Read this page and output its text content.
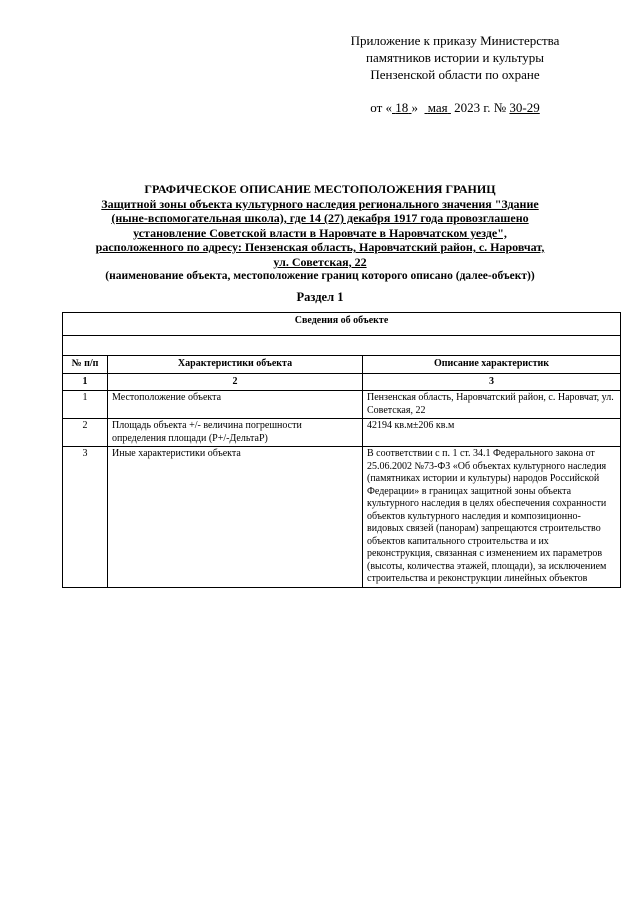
Приложение к приказу Министерства
памятников истории и культуры
Пензенской области по охране
от « 18 » мая 2023 г. № 30-29
ГРАФИЧЕСКОЕ ОПИСАНИЕ МЕСТОПОЛОЖЕНИЯ ГРАНИЦ
Защитной зоны объекта культурного наследия регионального значения "Здание
(ныне-вспомогательная школа), где 14 (27) декабря 1917 года провозглашено
установление Советской власти в Наровчате в Наровчатском уезде",
расположенного по адресу: Пензенская область, Наровчатский район, с. Наровчат,
ул. Советская, 22
(наименование объекта, местоположение границ которого описано (далее-объект))
Раздел 1
Сведения об объекте		

№ п/п	Характеристики объекта	Описание характеристик
1	2	3
1	Местоположение объекта	Пензенская область, Наровчатский район, с. Наровчат, ул. Советская, 22
2	Площадь объекта +/- величина погрешности определения площади (Р+/-ДельтаР)	42194 кв.м±206 кв.м
3	Иные характеристики объекта	В соответствии с п. 1 ст. 34.1 Федерального закона от 25.06.2002 №73-ФЗ «Об объектах культурного наследия (памятниках истории и культуры) народов Российской Федерации» в границах защитной зоны объекта культурного наследия в целях обеспечения сохранности объектов культурного наследия и композиционно-видовых связей (панорам) запрещаются строительство объектов капитального строительства и их реконструкция, связанная с изменением их параметров (высоты, количества этажей, площади), за исключением строительства и реконструкции линейных объектов
